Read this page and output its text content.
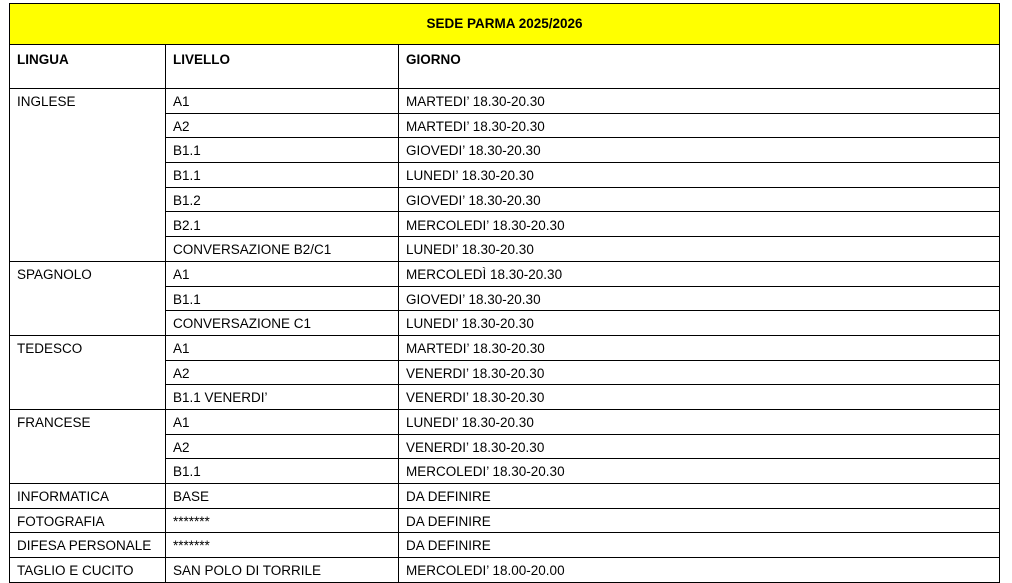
SEDE PARMA 2025/2026		
LINGUA	LIVELLO	GIORNO
INGLESE	A1	MARTEDI’ 18.30-20.30
	A2	MARTEDI’ 18.30-20.30
	B1.1	GIOVEDI’ 18.30-20.30
	B1.1	LUNEDI’ 18.30-20.30
	B1.2	GIOVEDI’ 18.30-20.30
	B2.1	MERCOLEDI’ 18.30-20.30
	CONVERSAZIONE B2/C1	LUNEDI’ 18.30-20.30
SPAGNOLO	A1	MERCOLEDÌ 18.30-20.30
	B1.1	GIOVEDI’ 18.30-20.30
	CONVERSAZIONE C1	LUNEDI’ 18.30-20.30
TEDESCO	A1	MARTEDI’ 18.30-20.30
	A2	VENERDI’ 18.30-20.30
	B1.1 VENERDI’	VENERDI’ 18.30-20.30
FRANCESE	A1	LUNEDI’ 18.30-20.30
	A2	VENERDI’ 18.30-20.30
	B1.1	MERCOLEDI’ 18.30-20.30
INFORMATICA	BASE	DA DEFINIRE
FOTOGRAFIA	*******	DA DEFINIRE
DIFESA PERSONALE	*******	DA DEFINIRE
TAGLIO E CUCITO	SAN POLO DI TORRILE	MERCOLEDI’ 18.00-20.00
